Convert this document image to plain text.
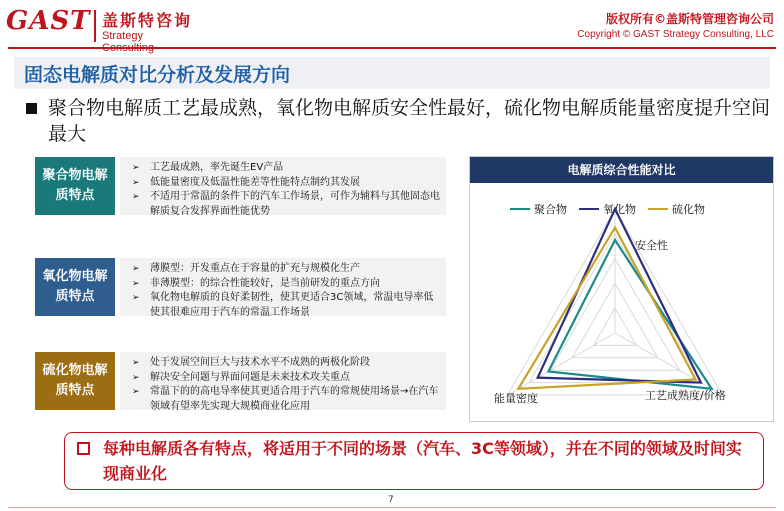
GAST 盖斯特咨询
Strategy
版权所有©盖斯特管理咨询公司
Copyright © GAST Strategy Consulting, LLC
固态电解质对比分析及发展方向
聚合物电解质工艺最成熟，氧化物电解质安全性最好，硫化物电解质能量密度提升空间最大
聚合物电解质特点
➢ 工艺最成熟，率先诞生EV产品
➢ 低能量密度及低温性能差等性能特点制约其发展
➢ 不适用于常温的条件下的汽车工作场景，可作为辅料与其他固态电解质复合发挥界面性能优势
氧化物电解质特点
➢ 薄膜型：开发重点在于容量的扩充与规模化生产
➢ 非薄膜型：的综合性能较好，是当前研发的重点方向
➢ 氧化物电解质的良好柔韧性，使其更适合3C领域，常温电导率低使其很难应用于汽车的常温工作场景
硫化物电解质特点
➢ 处于发展空间巨大与技术水平不成熟的两极化阶段
➢ 解决安全问题与界面问题是未来技术攻关重点
➢ 常温下的的高电导率使其更适合用于汽车的常规使用场景→在汽车领域有望率先实现大规模商业化应用
电解质综合性能对比
聚合物	氧化物	硫化物
安全性
工艺成熟度/价格
能量密度
每种电解质各有特点，将适用于不同的场景（汽车、3C等领域），并在不同的领域及时间实现商业化
7
